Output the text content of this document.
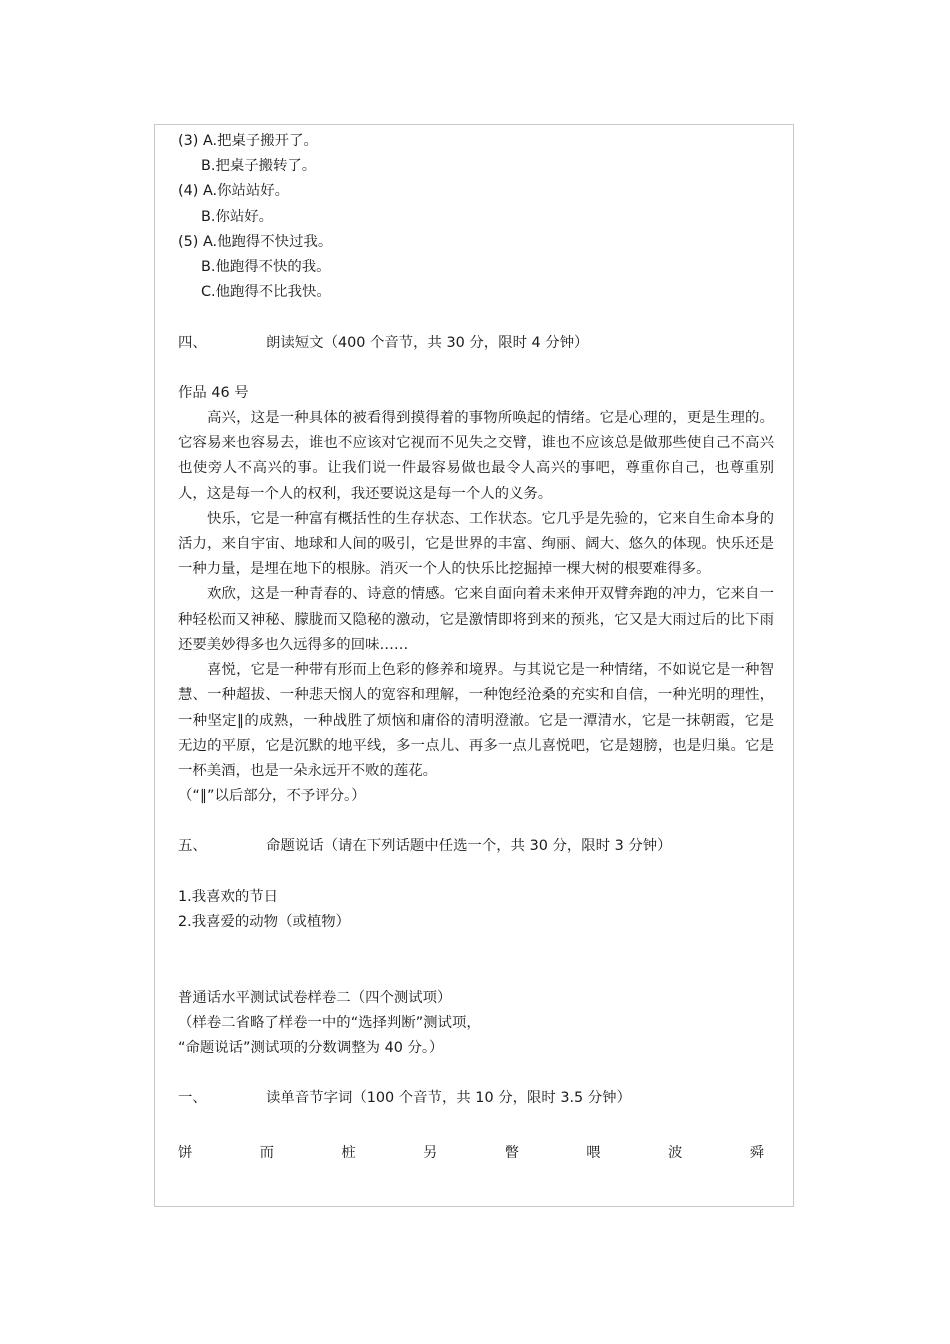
(3) A.把桌子搬开了。
B.把桌子搬转了。
(4) A.你站站好。
B.你站好。
(5) A.他跑得不快过我。
B.他跑得不快的我。
C.他跑得不比我快。
四、	朗读短文（400 个音节，共 30 分，限时 4 分钟）
作品 46 号
高兴，这是一种具体的被看得到摸得着的事物所唤起的情绪。它是心理的，更是生理的。它容易来也容易去，谁也不应该对它视而不见失之交臂，谁也不应该总是做那些使自己不高兴也使旁人不高兴的事。让我们说一件最容易做也最令人高兴的事吧，尊重你自己，也尊重别人，这是每一个人的权利，我还要说这是每一个人的义务。
快乐，它是一种富有概括性的生存状态、工作状态。它几乎是先验的，它来自生命本身的活力，来自宇宙、地球和人间的吸引，它是世界的丰富、绚丽、阔大、悠久的体现。快乐还是一种力量，是埋在地下的根脉。消灭一个人的快乐比挖掘掉一棵大树的根要难得多。
欢欣，这是一种青春的、诗意的情感。它来自面向着未来伸开双臂奔跑的冲力，它来自一种轻松而又神秘、朦胧而又隐秘的激动，它是激情即将到来的预兆，它又是大雨过后的比下雨还要美妙得多也久远得多的回味……
喜悦，它是一种带有形而上色彩的修养和境界。与其说它是一种情绪，不如说它是一种智慧、一种超拔、一种悲天悯人的宽容和理解，一种饱经沧桑的充实和自信，一种光明的理性，一种坚定∥的成熟，一种战胜了烦恼和庸俗的清明澄澈。它是一潭清水，它是一抹朝霞，它是无边的平原，它是沉默的地平线，多一点儿、再多一点儿喜悦吧，它是翅膀，也是归巢。它是一杯美酒，也是一朵永远开不败的莲花。
（“∥”以后部分，不予评分。）
五、	命题说话（请在下列话题中任选一个，共 30 分，限时 3 分钟）
1.我喜欢的节日
2.我喜爱的动物（或植物）
普通话水平测试试卷样卷二（四个测试项）
（样卷二省略了样卷一中的“选择判断”测试项，
“命题说话”测试项的分数调整为 40 分。）
一、	读单音节字词（100 个音节，共 10 分，限时 3.5 分钟）
饼	而	桩	另	瞥	喂	波	舜
